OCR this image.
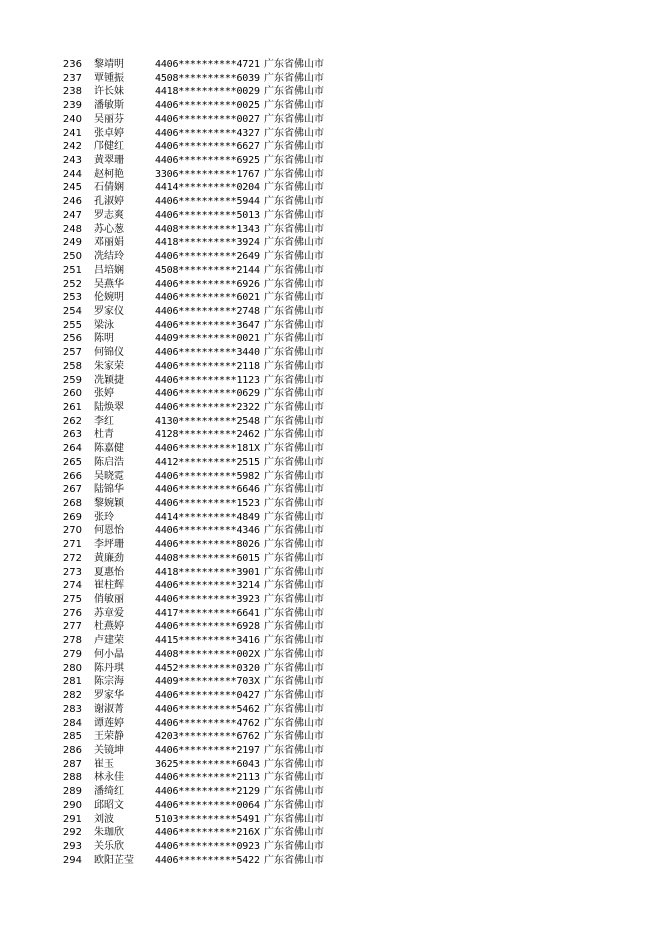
236 黎靖明	4406**********4721 广东省佛山市
237 覃锺振	4508**********6039 广东省佛山市
238 许长妹	4418**********0029 广东省佛山市
239 潘敏斯	4406**********0025 广东省佛山市
240 吴丽芬	4406**********0027 广东省佛山市
241 张卓婷	4406**********4327 广东省佛山市
242 邝健红	4406**********6627 广东省佛山市
243 黄翠珊	4406**********6925 广东省佛山市
244 赵柯艳	3306**********1767 广东省佛山市
245 石倩娴	4414**********0204 广东省佛山市
246 孔淑婷	4406**********5944 广东省佛山市
247 罗志爽	4406**********5013 广东省佛山市
248 苏心葱	4408**********1343 广东省佛山市
249 邓丽娟	4418**********3924 广东省佛山市
250 冼结玲	4406**********2649 广东省佛山市
251 吕培娴	4508**********2144 广东省佛山市
252 吴燕华	4406**********6926 广东省佛山市
253 伦婉明	4406**********6021 广东省佛山市
254 罗家仪	4406**********2748 广东省佛山市
255 梁泳	4406**********3647 广东省佛山市
256 陈明	4409**********0021 广东省佛山市
257 何锦仪	4406**********3440 广东省佛山市
258 朱家荣	4406**********2118 广东省佛山市
259 冼颖捷	4406**********1123 广东省佛山市
260 张婷	4406**********0629 广东省佛山市
261 陆焕翠	4406**********2322 广东省佛山市
262 李红	4130**********2548 广东省佛山市
263 杜青	4128**********2462 广东省佛山市
264 陈嘉健	4406**********181X 广东省佛山市
265 陈启浩	4412**********2515 广东省佛山市
266 吴晓霓	4406**********5982 广东省佛山市
267 陆锦华	4406**********6646 广东省佛山市
268 黎婉颖	4406**********1523 广东省佛山市
269 张玲	4414**********4849 广东省佛山市
270 何恩怡	4406**********4346 广东省佛山市
271 李坪珊	4406**********8026 广东省佛山市
272 黄廉劲	4408**********6015 广东省佛山市
273 夏惠怡	4418**********3901 广东省佛山市
274 崔柱辉	4406**********3214 广东省佛山市
275 俏敏丽	4406**********3923 广东省佛山市
276 苏章爱	4417**********6641 广东省佛山市
277 杜燕婷	4406**********6928 广东省佛山市
278 卢建荣	4415**********3416 广东省佛山市
279 何小晶	4408**********002X 广东省佛山市
280 陈丹琪	4452**********0320 广东省佛山市
281 陈宗海	4409**********703X 广东省佛山市
282 罗家华	4406**********0427 广东省佛山市
283 谢淑菁	4406**********5462 广东省佛山市
284 谭莲婷	4406**********4762 广东省佛山市
285 王荣静	4203**********6762 广东省佛山市
286 关镜坤	4406**********2197 广东省佛山市
287 崔玉	3625**********6043 广东省佛山市
288 林永佳	4406**********2113 广东省佛山市
289 潘绮红	4406**********2129 广东省佛山市
290 邱昭文	4406**********0064 广东省佛山市
291 刘波	5103**********5491 广东省佛山市
292 朱珈欣	4406**********216X 广东省佛山市
293 关乐欣	4406**********0923 广东省佛山市
294 欧阳芷莹 4406**********5422 广东省佛山市
